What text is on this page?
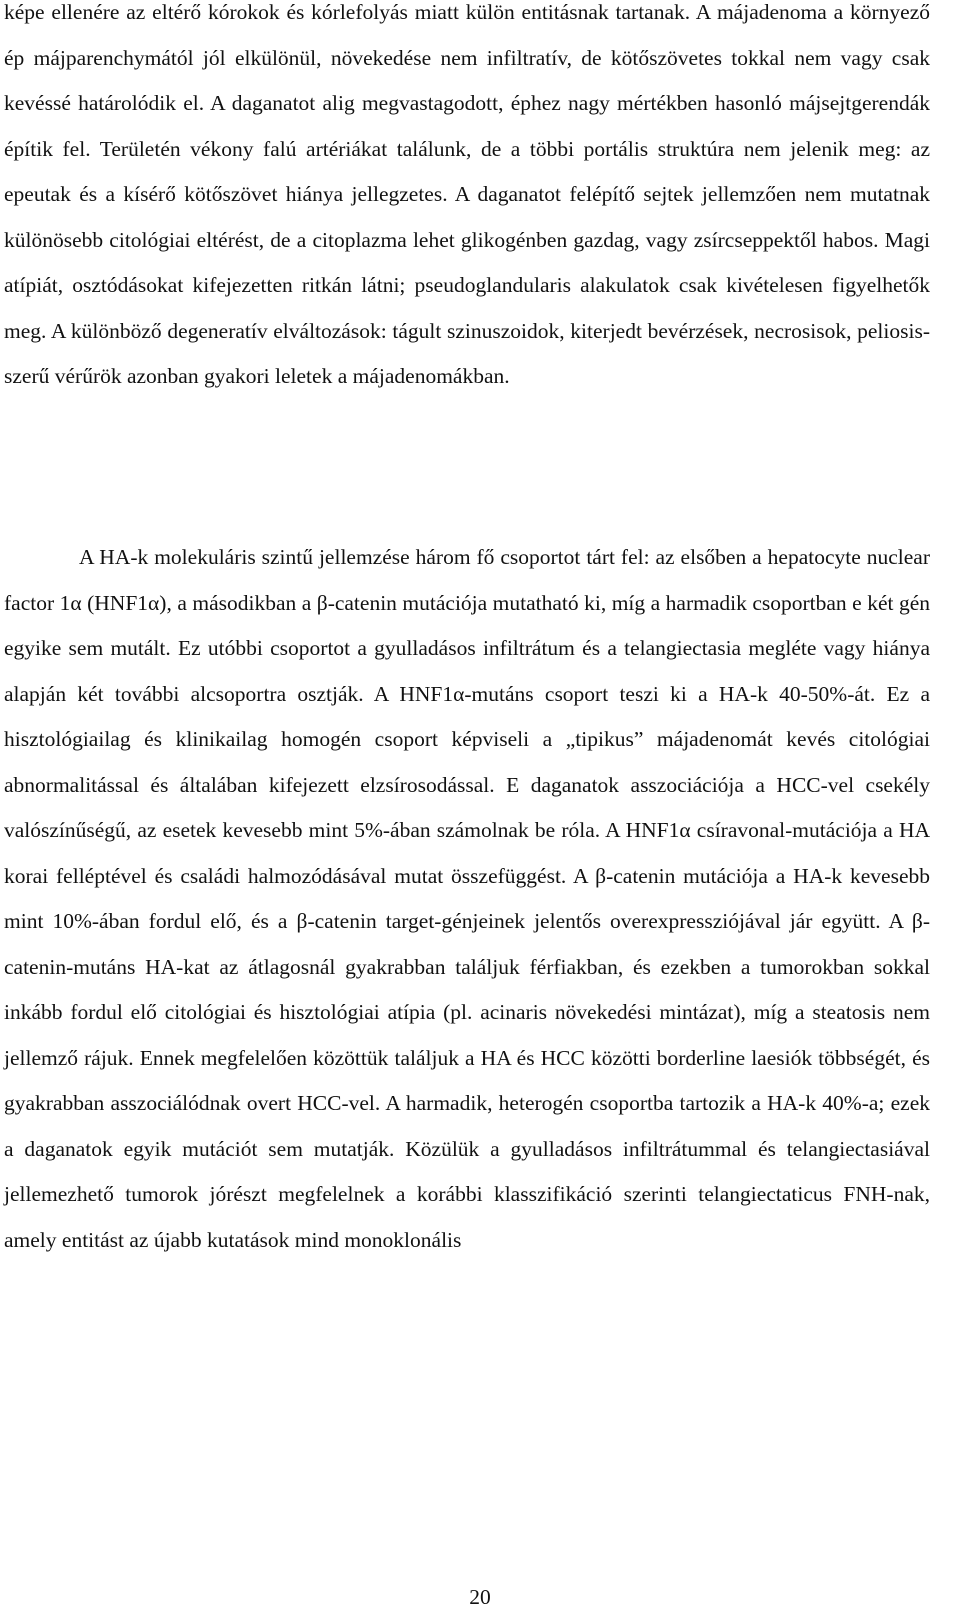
képe ellenére az eltérő kórokok és kórlefolyás miatt külön entitásnak tartanak. A májadenoma a környező ép májparenchymától jól elkülönül, növekedése nem infiltratív, de kötőszövetes tokkal nem vagy csak kevéssé határolódik el. A daganatot alig megvastagodott, éphez nagy mértékben hasonló májsejtgerendák építik fel. Területén vékony falú artériákat találunk, de a többi portális struktúra nem jelenik meg: az epeutak és a kísérő kötőszövet hiánya jellegzetes. A daganatot felépítő sejtek jellemzően nem mutatnak különösebb citológiai eltérést, de a citoplazma lehet glikogénben gazdag, vagy zsírcseppektől habos. Magi atípiát, osztódásokat kifejezetten ritkán látni; pseudoglandularis alakulatok csak kivételesen figyelhetők meg. A különböző degeneratív elváltozások: tágult szinuszoidok, kiterjedt bevérzések, necrosisok, peliosis-szerű vérűrök azonban gyakori leletek a májadenomákban.

A HA-k molekuláris szintű jellemzése három fő csoportot tárt fel: az elsőben a hepatocyte nuclear factor 1α (HNF1α), a másodikban a β-catenin mutációja mutatható ki, míg a harmadik csoportban e két gén egyike sem mutált. Ez utóbbi csoportot a gyulladásos infiltrátum és a telangiectasia megléte vagy hiánya alapján két további alcsoportra osztják. A HNF1α-mutáns csoport teszi ki a HA-k 40-50%-át. Ez a hisztológiailag és klinikailag homogén csoport képviseli a „tipikus” májadenomát kevés citológiai abnormalitással és általában kifejezett elzsírosodással. E daganatok asszociációja a HCC-vel csekély valószínűségű, az esetek kevesebb mint 5%-ában számolnak be róla. A HNF1α csíravonal-mutációja a HA korai felléptével és családi halmozódásával mutat összefüggést. A β-catenin mutációja a HA-k kevesebb mint 10%-ában fordul elő, és a β-catenin target-génjeinek jelentős overexpressziójával jár együtt. A β-catenin-mutáns HA-kat az átlagosnál gyakrabban találjuk férfiakban, és ezekben a tumorokban sokkal inkább fordul elő citológiai és hisztológiai atípia (pl. acinaris növekedési mintázat), míg a steatosis nem jellemző rájuk. Ennek megfelelően közöttük találjuk a HA és HCC közötti borderline laesiók többségét, és gyakrabban asszociálódnak overt HCC-vel. A harmadik, heterogén csoportba tartozik a HA-k 40%-a; ezek a daganatok egyik mutációt sem mutatják. Közülük a gyulladásos infiltrátummal és telangiectasiával jellemezhető tumorok jórészt megfelelnek a korábbi klasszifikáció szerinti telangiectaticus FNH-nak, amely entitást az újabb kutatások mind monoklonális

20
